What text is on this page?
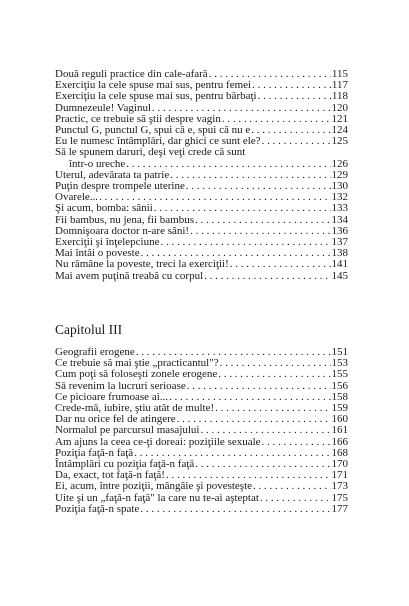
Două reguli practice din cale-afară . . .	115
Exerciţiu la cele spuse mai sus, pentru femei . . .	117
Exerciţiu la cele spuse mai sus, pentru bărbaţi . . .	118
Dumnezeule! Vaginul . . .	120
Practic, ce trebuie să ştii despre vagin . . .	121
Punctul G, punctul G, spui că e, spui că nu e . . .	124
Eu le numesc întâmplări, dar ghici ce sunt ele? . . .	125
Să le spunem daruri, deşi veţi crede că sunt
într-o ureche . . .	126
Uterul, adevărata ta patrie . . .	129
Puţin despre trompele uterine . . .	130
Ovarele... . . .	132
Şi acum, bomba: sânii . . .	133
Fii bambus, nu jena, fii bambus . . .	134
Domnişoara doctor n-are sâni! . . .	136
Exerciţii şi înţelepciune . . .	137
Mai întâi o poveste . . .	138
Nu rămâne la poveste, treci la exerciţii! . . .	141
Mai avem puţină treabă cu corpul . . .	145
Capitolul III
Geografii erogene . . .	151
Ce trebuie să mai ştie „practicantul"? . . .	153
Cum poţi să foloseşti zonele erogene . . .	155
Să revenim la lucruri serioase . . .	156
Ce picioare frumoase ai... . . .	158
Crede-mă, iubire, ştiu atât de multe! . . .	159
Dar nu orice fel de atingere . . .	160
Normalul pe parcursul masajului . . .	161
Am ajuns la ceea ce-ţi doreai: poziţiile sexuale . . .	166
Poziţia faţă-n faţă . . .	168
Întâmplări cu poziţia faţă-n faţă . . .	170
Da, exact, tot faţă-n faţă! . . .	171
Ei, acum, între poziţii, mângâie şi povesteşte . . .	173
Uite şi un „faţă-n faţă" la care nu te-ai aşteptat . . .	175
Poziţia faţă-n spate . . .	177
